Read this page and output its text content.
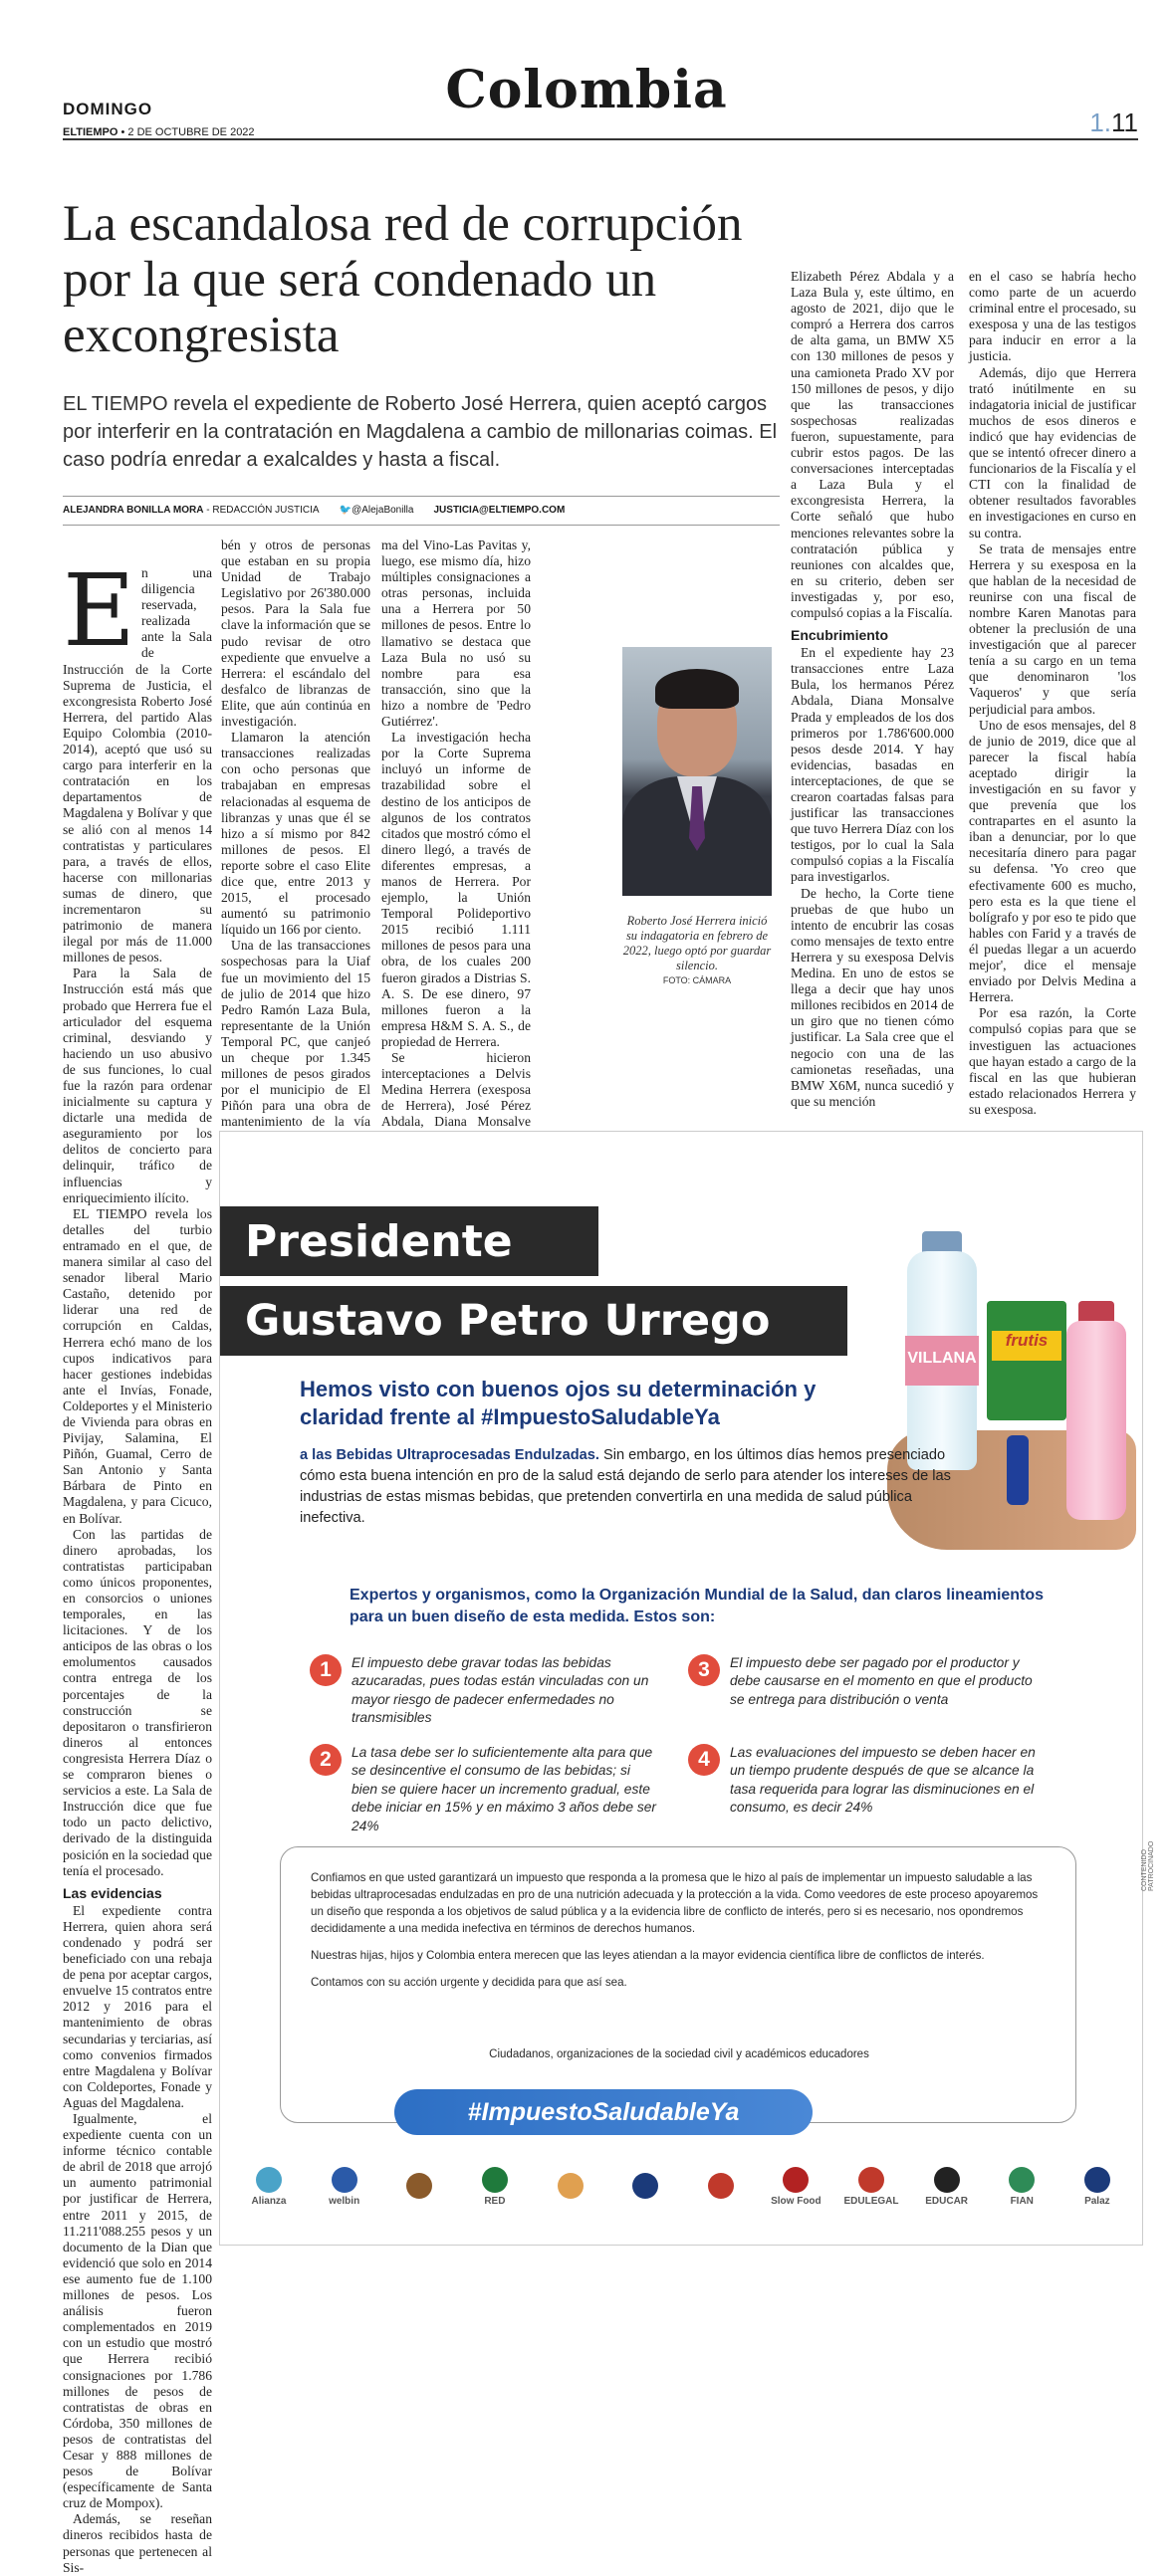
Colombia
DOMINGO
ELTIEMPO • 2 DE OCTUBRE DE 2022	1.11
La escandalosa red de corrupción por la que será condenado un excongresista
EL TIEMPO revela el expediente de Roberto José Herrera, quien aceptó cargos por interferir en la contratación en Magdalena a cambio de millonarias coimas. El caso podría enredar a exalcaldes y hasta a fiscal.
ALEJANDRA BONILLA MORA - REDACCIÓN JUSTICIA 🐦@AlejaBonilla JUSTICIA@ELTIEMPO.COM
E n una diligencia reservada, realizada ante la Sala de Instrucción de la Corte Suprema de Justicia, el excongresista Roberto José Herrera, del partido Alas Equipo Colombia (2010-2014), aceptó que usó su cargo para interferir en la contratación en los departamentos de Magdalena y Bolívar y que se alió con al menos 14 contratistas y particulares para, a través de ellos, hacerse con millonarias sumas de dinero, que incrementaron su patrimonio de manera ilegal por más de 11.000 millones de pesos.

Para la Sala de Instrucción está más que probado que Herrera fue el articulador del esquema criminal, desviando y haciendo un uso abusivo de sus funciones, lo cual fue la razón para ordenar inicialmente su captura y dictarle una medida de aseguramiento por los delitos de concierto para delinquir, tráfico de influencias y enriquecimiento ilícito.

EL TIEMPO revela los detalles del turbio entramado en el que, de manera similar al caso del senador liberal Mario Castaño, detenido por liderar una red de corrupción en Caldas, Herrera echó mano de los cupos indicativos para hacer gestiones indebidas ante el Invías, Fonade, Coldeportes y el Ministerio de Vivienda para obras en Pivijay, Salamina, El Piñón, Guamal, Cerro de San Antonio y Santa Bárbara de Pinto en Magdalena, y para Cicuco, en Bolívar.

Con las partidas de dinero aprobadas, los contratistas participaban como únicos proponentes, en consorcios o uniones temporales, en las licitaciones. Y de los anticipos de las obras o los emolumentos causados contra entrega de los porcentajes de la construcción se depositaron o transfirieron dineros al entonces congresista Herrera Díaz o se compraron bienes o servicios a este. La Sala de Instrucción dice que fue todo un pacto delictivo, derivado de la distinguida posición en la sociedad que tenía el procesado.

Las evidencias

El expediente contra Herrera, quien ahora será condenado y podrá ser beneficiado con una rebaja de pena por aceptar cargos, envuelve 15 contratos entre 2012 y 2016 para el mantenimiento de obras secundarias y terciarias, así como convenios firmados entre Magdalena y Bolívar con Coldeportes, Fonade y Aguas del Magdalena.

Igualmente, el expediente cuenta con un informe técnico contable de abril de 2018 que arrojó un aumento patrimonial por justificar de Herrera, entre 2011 y 2015, de 11.211'088.255 pesos y un documento de la Dian que evidenció que solo en 2014 ese aumento fue de 1.100 millones de pesos. Los análisis fueron complementados en 2019 con un estudio que mostró que Herrera recibió consignaciones por 1.786 millones de pesos de contratistas de obras en Córdoba, 350 millones de pesos de contratistas del Cesar y 888 millones de pesos de Bolívar (específicamente de Santa cruz de Mompox).

Además, se reseñan dineros recibidos hasta de personas que pertenecen al Sis-

bén y otros de personas que estaban en su propia Unidad de Trabajo Legislativo por 26'380.000 pesos. Para la Sala fue clave la información que se pudo revisar de otro expediente que envuelve a Herrera: el escándalo del desfalco de libranzas de Elite, que aún continúa en investigación.

Llamaron la atención transacciones realizadas con ocho personas que trabajaban en empresas relacionadas al esquema de libranzas y unas que él se hizo a sí mismo por 842 millones de pesos. El reporte sobre el caso Elite dice que, entre 2013 y 2015, el procesado aumentó su patrimonio líquido un 166 por ciento.

Una de las transacciones sospechosas para la Uiaf fue un movimiento del 15 de julio de 2014 que hizo Pedro Ramón Laza Bula, representante de la Unión Temporal PC, que canjeó un cheque por 1.345 millones de pesos girados por el municipio de El Piñón para una obra de mantenimiento de la vía

ma del Vino-Las Pavitas y, luego, ese mismo día, hizo múltiples consignaciones a otras personas, incluida una a Herrera por 50 millones de pesos. Entre lo llamativo se destaca que Laza Bula no usó su nombre para esa transacción, sino que la hizo a nombre de 'Pedro Gutiérrez'.

La investigación hecha por la Corte Suprema incluyó un informe de trazabilidad sobre el destino de los anticipos de algunos de los contratos citados que mostró cómo el dinero llegó, a través de diferentes empresas, a manos de Herrera. Por ejemplo, la Unión Temporal Polideportivo 2015 recibió 1.111 millones de pesos para una obra, de los cuales 200 fueron girados a Distrias S. A. S. De ese dinero, 97 millones fueron a la empresa H&M S. A. S., de propiedad de Herrera.

Se hicieron interceptaciones a Delvis Medina Herrera (exesposa de Herrera), José Pérez Abdala, Diana Monsalve

Roberto José Herrera inició su indagatoria en febrero de 2022, luego optó por guardar silencio.
FOTO: CÁMARA

Elizabeth Pérez Abdala y a Laza Bula y, este último, en agosto de 2021, dijo que le compró a Herrera dos carros de alta gama, un BMW X5 con 130 millones de pesos y una camioneta Prado XV por 150 millones de pesos, y dijo que las transacciones sospechosas realizadas fueron, supuestamente, para cubrir estos pagos. De las conversaciones interceptadas a Laza Bula y el excongresista Herrera, la Corte señaló que hubo menciones relevantes sobre la contratación pública y reuniones con alcaldes que, en su criterio, deben ser investigadas y, por eso, compulsó copias a la Fiscalía.

Encubrimiento

En el expediente hay 23 transacciones entre Laza Bula, los hermanos Pérez Abdala, Diana Monsalve Prada y empleados de los dos primeros por 1.786'600.000 pesos desde 2014. Y hay evidencias, basadas en interceptaciones, de que se crearon coartadas falsas para justificar las transacciones que tuvo Herrera Díaz con los testigos, por lo cual la Sala compulsó copias a la Fiscalía para investigarlos.

De hecho, la Corte tiene pruebas de que hubo un intento de encubrir las cosas como mensajes de texto entre Herrera y su exesposa Delvis Medina. En uno de estos se llega a decir que hay unos millones recibidos en 2014 de un giro que no tienen cómo justificar. La Sala cree que el negocio con una de las camionetas reseñadas, una BMW X6M, nunca sucedió y que su mención

en el caso se habría hecho como parte de un acuerdo criminal entre el procesado, su exesposa y una de las testigos para inducir en error a la justicia.

Además, dijo que Herrera trató inútilmente en su indagatoria inicial de justificar muchos de esos dineros e indicó que hay evidencias de que se intentó ofrecer dinero a funcionarios de la Fiscalía y el CTI con la finalidad de obtener resultados favorables en investigaciones en curso en su contra.

Se trata de mensajes entre Herrera y su exesposa en la que hablan de la necesidad de reunirse con una fiscal de nombre Karen Manotas para obtener la preclusión de una investigación que al parecer tenía a su cargo en un tema que denominaron 'los Vaqueros' y que sería perjudicial para ambos.

Uno de esos mensajes, del 8 de junio de 2019, dice que al parecer la fiscal había aceptado dirigir la investigación en su favor y que prevenía que los contrapartes en el asunto la iban a denunciar, por lo que necesitaría dinero para pagar su defensa. 'Yo creo que efectivamente 600 es mucho, pero esta es la que tiene el bolígrafo y por eso te pido que hables con Farid y a través de él puedas llegar a un acuerdo mejor', dice el mensaje enviado por Delvis Medina a Herrera.

Por esa razón, la Corte compulsó copias para que se investiguen las actuaciones que hayan estado a cargo de la fiscal en las que hubieran estado relacionados Herrera y su exesposa.

Presidente
Gustavo Petro Urrego
VILLANA
frutis
Hemos visto con buenos ojos su determinación y claridad frente al #ImpuestoSaludableYa
a las Bebidas Ultraprocesadas Endulzadas. Sin embargo, en los últimos días hemos presenciado cómo esta buena intención en pro de la salud está dejando de serlo para atender los intereses de las industrias de estas mismas bebidas, que pretenden convertirla en una medida de salud pública inefectiva.
Expertos y organismos, como la Organización Mundial de la Salud, dan claros lineamientos para un buen diseño de esta medida. Estos son:
1	El impuesto debe gravar todas las bebidas azucaradas, pues todas están vinculadas con un mayor riesgo de padecer enfermedades no transmisibles
2	La tasa debe ser lo suficientemente alta para que se desincentive el consumo de las bebidas; si bien se quiere hacer un incremento gradual, este debe iniciar en 15% y en máximo 3 años debe ser 24%
3	El impuesto debe ser pagado por el productor y debe causarse en el momento en que el producto se entrega para distribución o venta
4	Las evaluaciones del impuesto se deben hacer en un tiempo prudente después de que se alcance la tasa requerida para lograr las disminuciones en el consumo, es decir 24%

Confiamos en que usted garantizará un impuesto que responda a la promesa que le hizo al país de implementar un impuesto saludable a las bebidas ultraprocesadas endulzadas en pro de una nutrición adecuada y la protección a la vida. Como veedores de este proceso apoyaremos un diseño que responda a los objetivos de salud pública y a la evidencia libre de conflicto de interés, pero si es necesario, nos opondremos decididamente a una medida inefectiva en términos de derechos humanos.

Nuestras hijas, hijos y Colombia entera merecen que las leyes atiendan a la mayor evidencia científica libre de conflictos de interés.

Contamos con su acción urgente y decidida para que así sea.

Ciudadanos, organizaciones de la sociedad civil y académicos educadores
#ImpuestoSaludableYa
Alianza	welbin	RED	Slow Food	EDULEGAL	EDUCAR	FIAN	Palaz
CONTENIDO PATROCINADO
